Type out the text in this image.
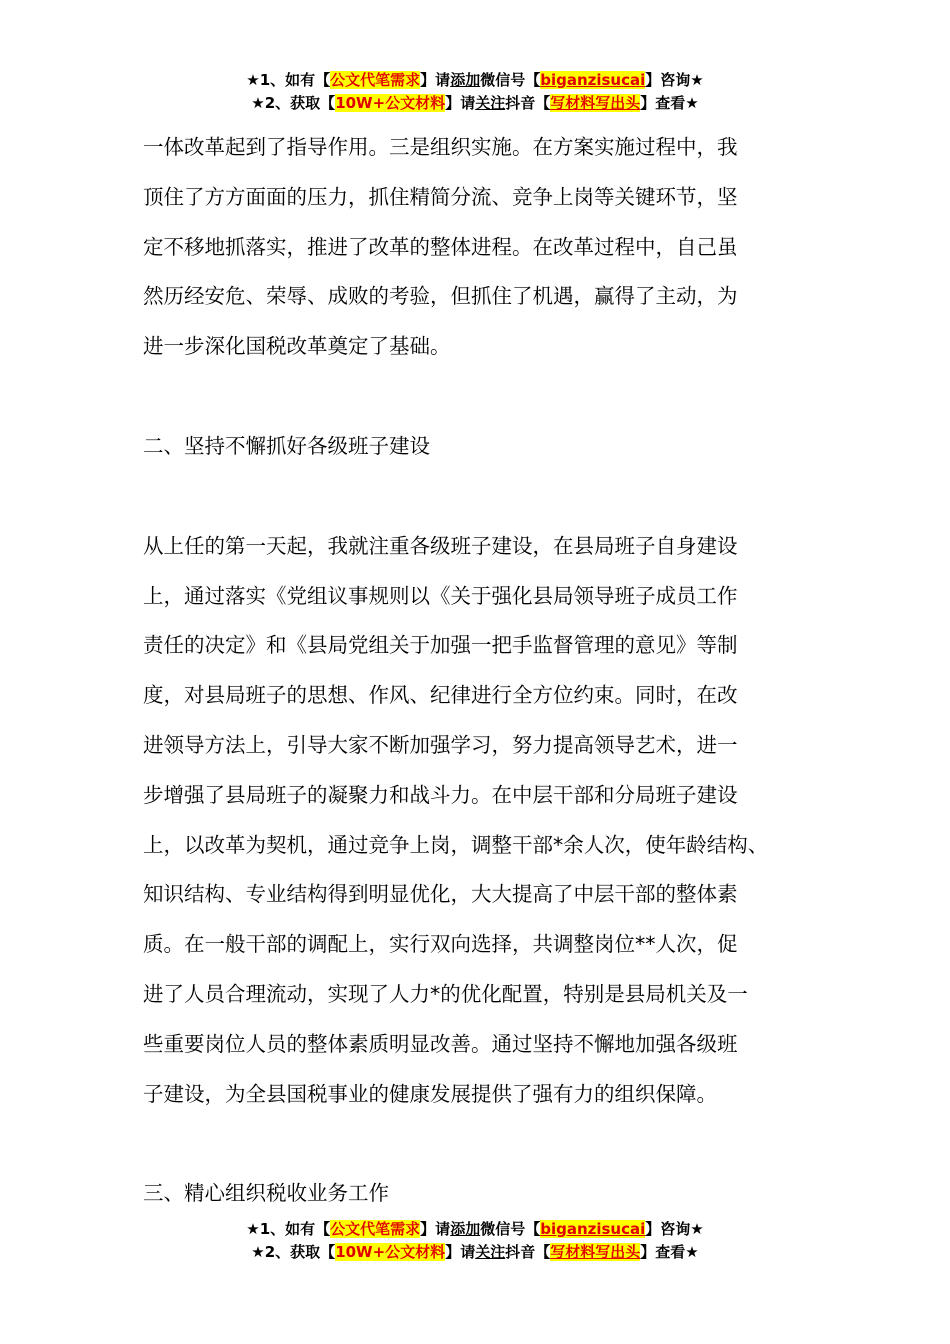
★1、如有【公文代笔需求】请添加微信号【biganzisucai】咨询★
★2、获取【10W+公文材料】请关注抖音【写材料写出头】查看★
一体改革起到了指导作用。三是组织实施。在方案实施过程中，我
顶住了方方面面的压力，抓住精简分流、竞争上岗等关键环节，坚
定不移地抓落实，推进了改革的整体进程。在改革过程中，自己虽
然历经安危、荣辱、成败的考验，但抓住了机遇，赢得了主动，为
进一步深化国税改革奠定了基础。
二、坚持不懈抓好各级班子建设
从上任的第一天起，我就注重各级班子建设，在县局班子自身建设
上，通过落实《党组议事规则以《关于强化县局领导班子成员工作
责任的决定》和《县局党组关于加强一把手监督管理的意见》等制
度，对县局班子的思想、作风、纪律进行全方位约束。同时，在改
进领导方法上，引导大家不断加强学习，努力提高领导艺术，进一
步增强了县局班子的凝聚力和战斗力。在中层干部和分局班子建设
上，以改革为契机，通过竞争上岗，调整干部*余人次，使年龄结构、
知识结构、专业结构得到明显优化，大大提高了中层干部的整体素
质。在一般干部的调配上，实行双向选择，共调整岗位**人次，促
进了人员合理流动，实现了人力*的优化配置，特别是县局机关及一
些重要岗位人员的整体素质明显改善。通过坚持不懈地加强各级班
子建设，为全县国税事业的健康发展提供了强有力的组织保障。
三、精心组织税收业务工作
★1、如有【公文代笔需求】请添加微信号【biganzisucai】咨询★
★2、获取【10W+公文材料】请关注抖音【写材料写出头】查看★
